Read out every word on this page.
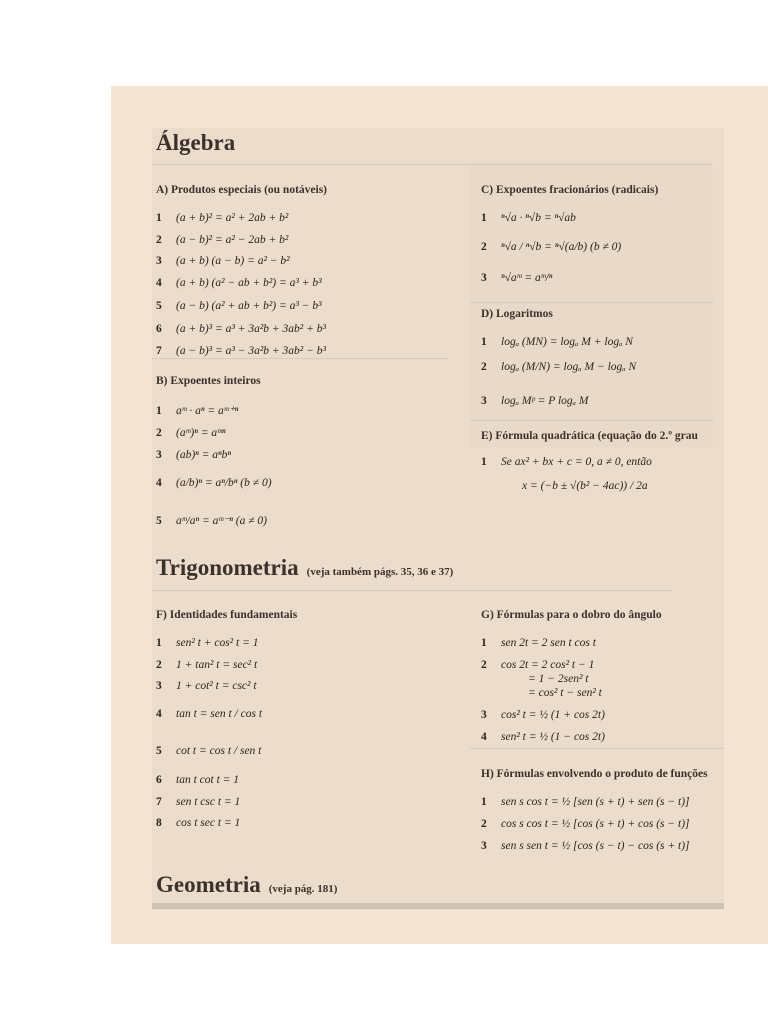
Álgebra
Trigonometria (veja também págs. 35, 36 e 37)
Geometria (veja pág. 181)
A) Produtos especiais (ou notáveis)
1 (a + b)² = a² + 2ab + b²
2 (a − b)² = a² − 2ab + b²
3 (a + b) (a − b) = a² − b²
4 (a + b) (a² − ab + b²) = a³ + b³
5 (a − b) (a² + ab + b²) = a³ − b³
6 (a + b)³ = a³ + 3a²b + 3ab² + b³
7 (a − b)³ = a³ − 3a²b + 3ab² − b³
B) Expoentes inteiros
1 aᵐ · aⁿ = aᵐ⁺ⁿ
2 (aᵐ)ⁿ = aᵐⁿ
3 (ab)ⁿ = aⁿbⁿ
4 (a/b)ⁿ = aⁿ/bⁿ (b ≠ 0)
5 aᵐ/aⁿ = aᵐ⁻ⁿ (a ≠ 0)
C) Expoentes fracionários (radicais)
1 ⁿ√a · ⁿ√b = ⁿ√ab
2 ⁿ√a / ⁿ√b = ⁿ√(a/b) (b ≠ 0)
3 ⁿ√aᵐ = aᵐ/ⁿ
D) Logaritmos
1 logₐ (MN) = logₐ M + logₐ N
2 logₐ (M/N) = logₐ M − logₐ N
3 logₐ Mᵖ = P logₐ M
E) Fórmula quadrática (equação do 2.º grau
1 Se ax² + bx + c = 0, a ≠ 0, então
x = (−b ± √(b² − 4ac)) / 2a
F) Identidades fundamentais
1 sen² t + cos² t = 1
2 1 + tan² t = sec² t
3 1 + cot² t = csc² t
4 tan t = sen t / cos t
5 cot t = cos t / sen t
6 tan t cot t = 1
7 sen t csc t = 1
8 cos t sec t = 1
G) Fórmulas para o dobro do ângulo
1 sen 2t = 2 sen t cos t
2 cos 2t = 2 cos² t − 1
= 1 − 2sen² t
= cos² t − sen² t
3 cos² t = ½ (1 + cos 2t)
4 sen² t = ½ (1 − cos 2t)
H) Fórmulas envolvendo o produto de funções
1 sen s cos t = ½ [sen (s + t) + sen (s − t)]
2 cos s cos t = ½ [cos (s + t) + cos (s − t)]
3 sen s sen t = ½ [cos (s − t) − cos (s + t)]
